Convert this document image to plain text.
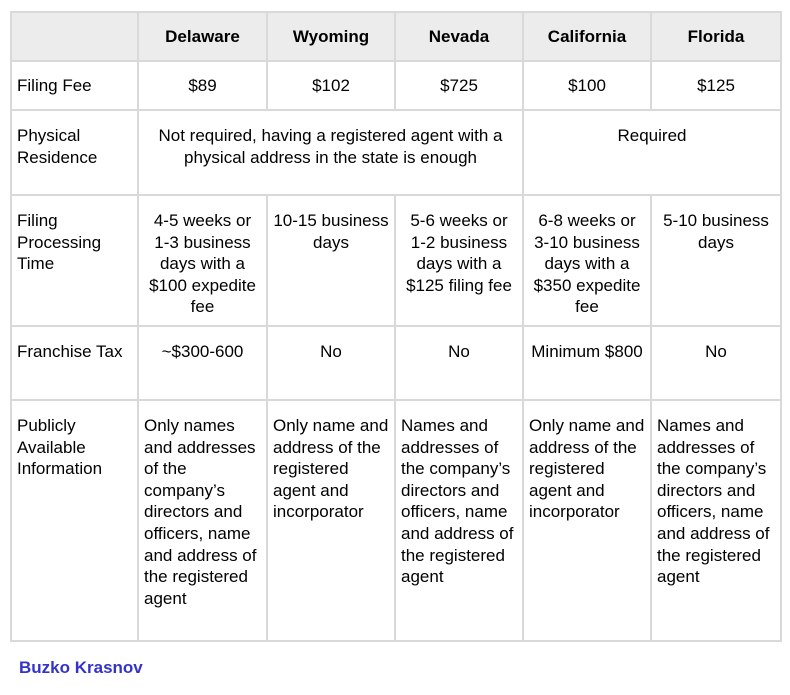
	Delaware	Wyoming	Nevada	California	Florida
Filing Fee	$89	$102	$725	$100	$125
Physical Residence	Not required, having a registered agent with a physical address in the state is enough			Required	
Filing Processing Time	4-5 weeks or 1-3 business days with a $100 expedite fee	10-15 business days	5-6 weeks or 1-2 business days with a $125 filing fee	6-8 weeks or 3-10 business days with a $350 expedite fee	5-10 business days
Franchise Tax	~$300-600	No	No	Minimum $800	No
Publicly Available Information	Only names and addresses of the company’s directors and officers, name and address of the registered agent	Only name and address of the registered agent and incorporator	Names and addresses of the company’s directors and officers, name and address of the registered agent	Only name and address of the registered agent and incorporator	Names and addresses of the company’s directors and officers, name and address of the registered agent
Buzko Krasnov
